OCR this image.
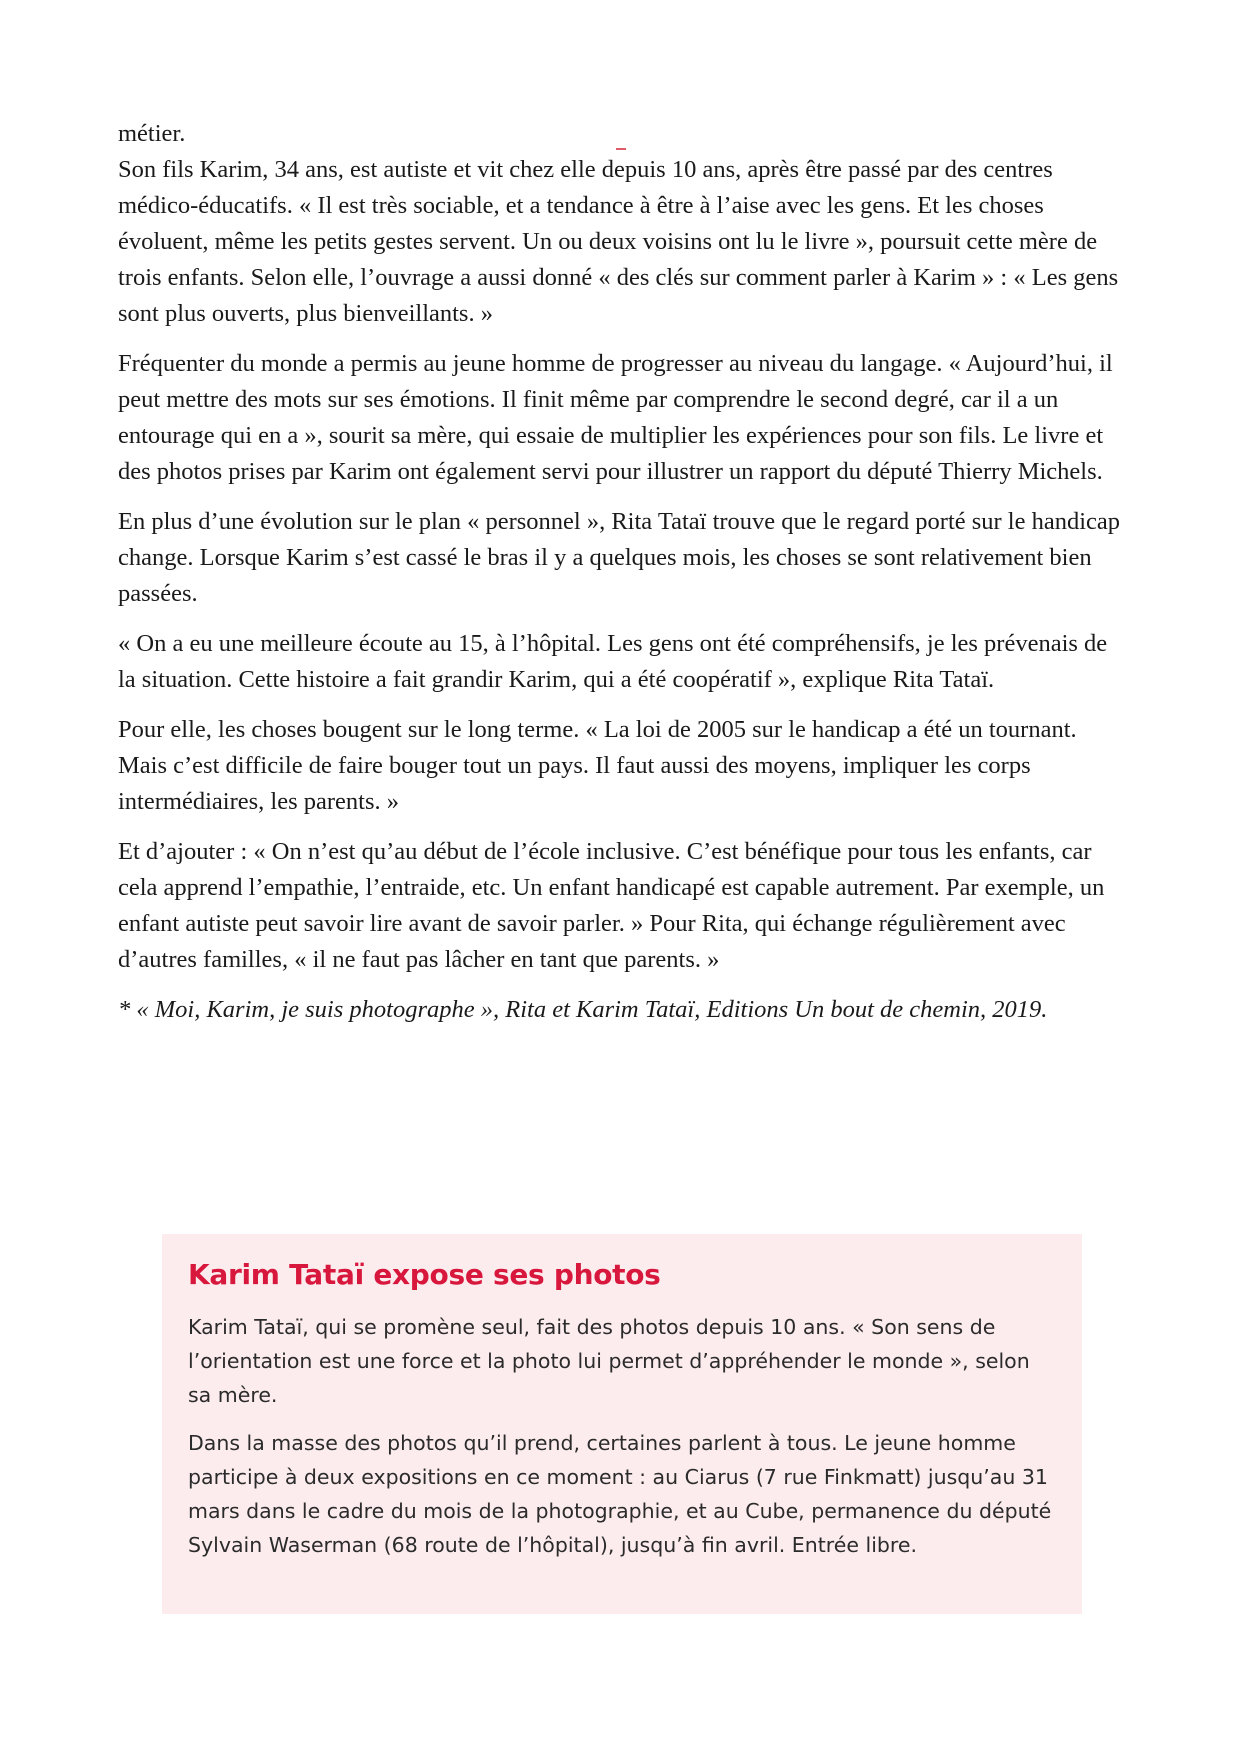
métier.

Son fils Karim, 34 ans, est autiste et vit chez elle depuis 10 ans, après être passé par des centres médico-éducatifs. « Il est très sociable, et a tendance à être à l’aise avec les gens. Et les choses évoluent, même les petits gestes servent. Un ou deux voisins ont lu le livre », poursuit cette mère de trois enfants. Selon elle, l’ouvrage a aussi donné « des clés sur comment parler à Karim » : « Les gens sont plus ouverts, plus bienveillants. »

Fréquenter du monde a permis au jeune homme de progresser au niveau du langage. « Aujourd’hui, il peut mettre des mots sur ses émotions. Il finit même par comprendre le second degré, car il a un entourage qui en a », sourit sa mère, qui essaie de multiplier les expériences pour son fils. Le livre et des photos prises par Karim ont également servi pour illustrer un rapport du député Thierry Michels.

En plus d’une évolution sur le plan « personnel », Rita Tataï trouve que le regard porté sur le handicap change. Lorsque Karim s’est cassé le bras il y a quelques mois, les choses se sont relativement bien passées.

« On a eu une meilleure écoute au 15, à l’hôpital. Les gens ont été compréhensifs, je les prévenais de la situation. Cette histoire a fait grandir Karim, qui a été coopératif », explique Rita Tataï.

Pour elle, les choses bougent sur le long terme. « La loi de 2005 sur le handicap a été un tournant. Mais c’est difficile de faire bouger tout un pays. Il faut aussi des moyens, impliquer les corps intermédiaires, les parents. »

Et d’ajouter : « On n’est qu’au début de l’école inclusive. C’est bénéfique pour tous les enfants, car cela apprend l’empathie, l’entraide, etc. Un enfant handicapé est capable autrement. Par exemple, un enfant autiste peut savoir lire avant de savoir parler. » Pour Rita, qui échange régulièrement avec d’autres familles, « il ne faut pas lâcher en tant que parents. »

* « Moi, Karim, je suis photographe », Rita et Karim Tataï, Editions Un bout de chemin, 2019.

Karim Tataï expose ses photos

Karim Tataï, qui se promène seul, fait des photos depuis 10 ans. « Son sens de l’orientation est une force et la photo lui permet d’appréhender le monde », selon sa mère.

Dans la masse des photos qu’il prend, certaines parlent à tous. Le jeune homme participe à deux expositions en ce moment : au Ciarus (7 rue Finkmatt) jusqu’au 31 mars dans le cadre du mois de la photographie, et au Cube, permanence du député Sylvain Waserman (68 route de l’hôpital), jusqu’à fin avril. Entrée libre.
